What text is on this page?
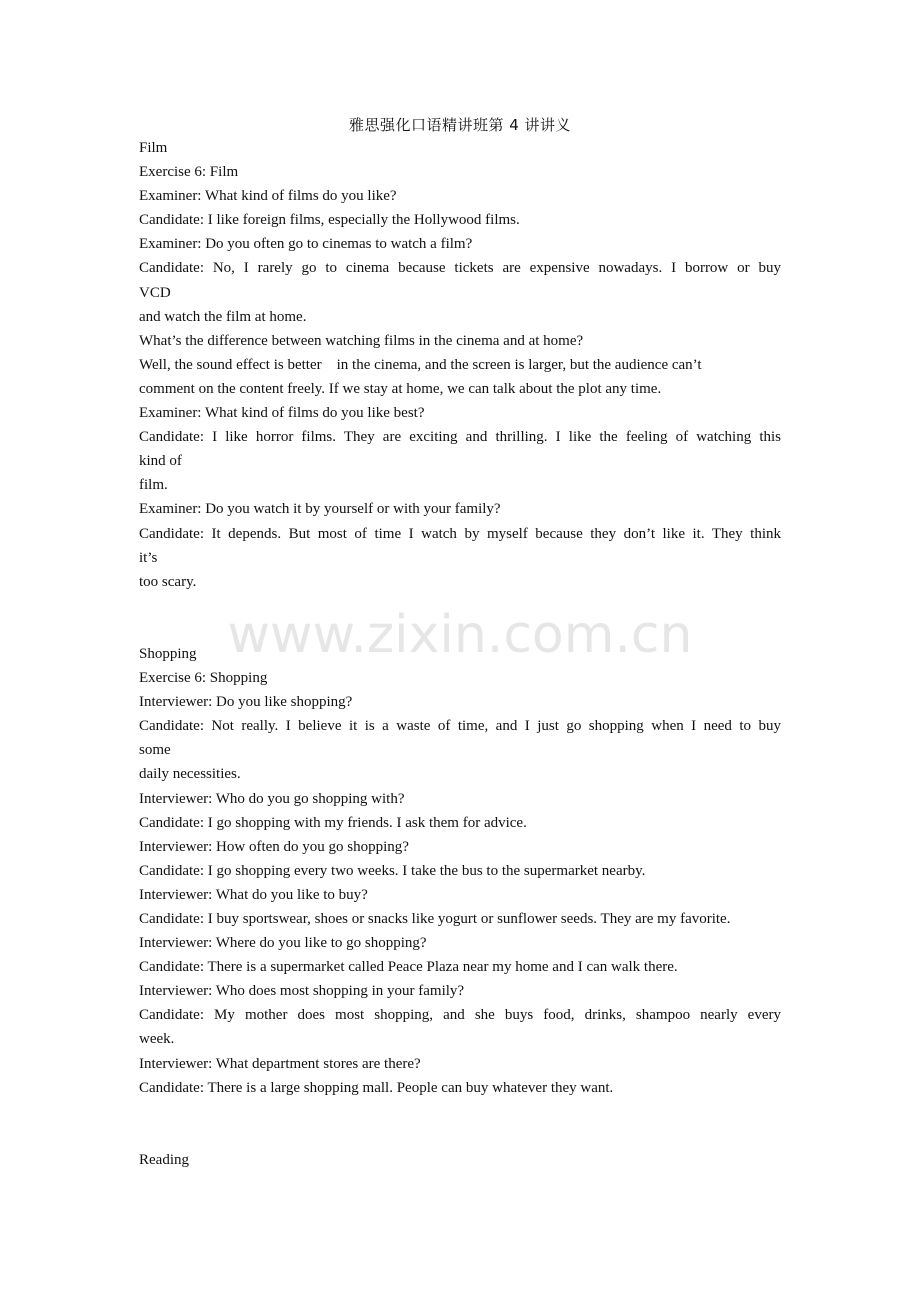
雅思强化口语精讲班第 4 讲讲义
www.zixin.com.cn

Film

Exercise 6: Film

Examiner: What kind of films do you like?

Candidate: I like foreign films, especially the Hollywood films.

Examiner: Do you often go to cinemas to watch a film?

Candidate: No, I rarely go to cinema because tickets are expensive nowadays. I borrow or buy

VCD

and watch the film at home.

What’s the difference between watching films in the cinema and at home?

Well, the sound effect is better    in the cinema, and the screen is larger, but the audience can’t

comment on the content freely. If we stay at home, we can talk about the plot any time.

Examiner: What kind of films do you like best?

Candidate: I like horror films. They are exciting and thrilling. I like the feeling of watching this

kind of

film.

Examiner: Do you watch it by yourself or with your family?

Candidate: It depends. But most of time I watch by myself because they don’t like it. They think

it’s

too scary.

Shopping

Exercise 6: Shopping

Interviewer: Do you like shopping?

Candidate: Not really. I believe it is a waste of time, and I just go shopping when I need to buy

some

daily necessities.

Interviewer: Who do you go shopping with?

Candidate: I go shopping with my friends. I ask them for advice.

Interviewer: How often do you go shopping?

Candidate: I go shopping every two weeks. I take the bus to the supermarket nearby.

Interviewer: What do you like to buy?

Candidate: I buy sportswear, shoes or snacks like yogurt or sunflower seeds. They are my favorite.

Interviewer: Where do you like to go shopping?

Candidate: There is a supermarket called Peace Plaza near my home and I can walk there.

Interviewer: Who does most shopping in your family?

Candidate: My mother does most shopping, and she buys food, drinks, shampoo nearly every

week.

Interviewer: What department stores are there?

Candidate: There is a large shopping mall. People can buy whatever they want.

Reading
